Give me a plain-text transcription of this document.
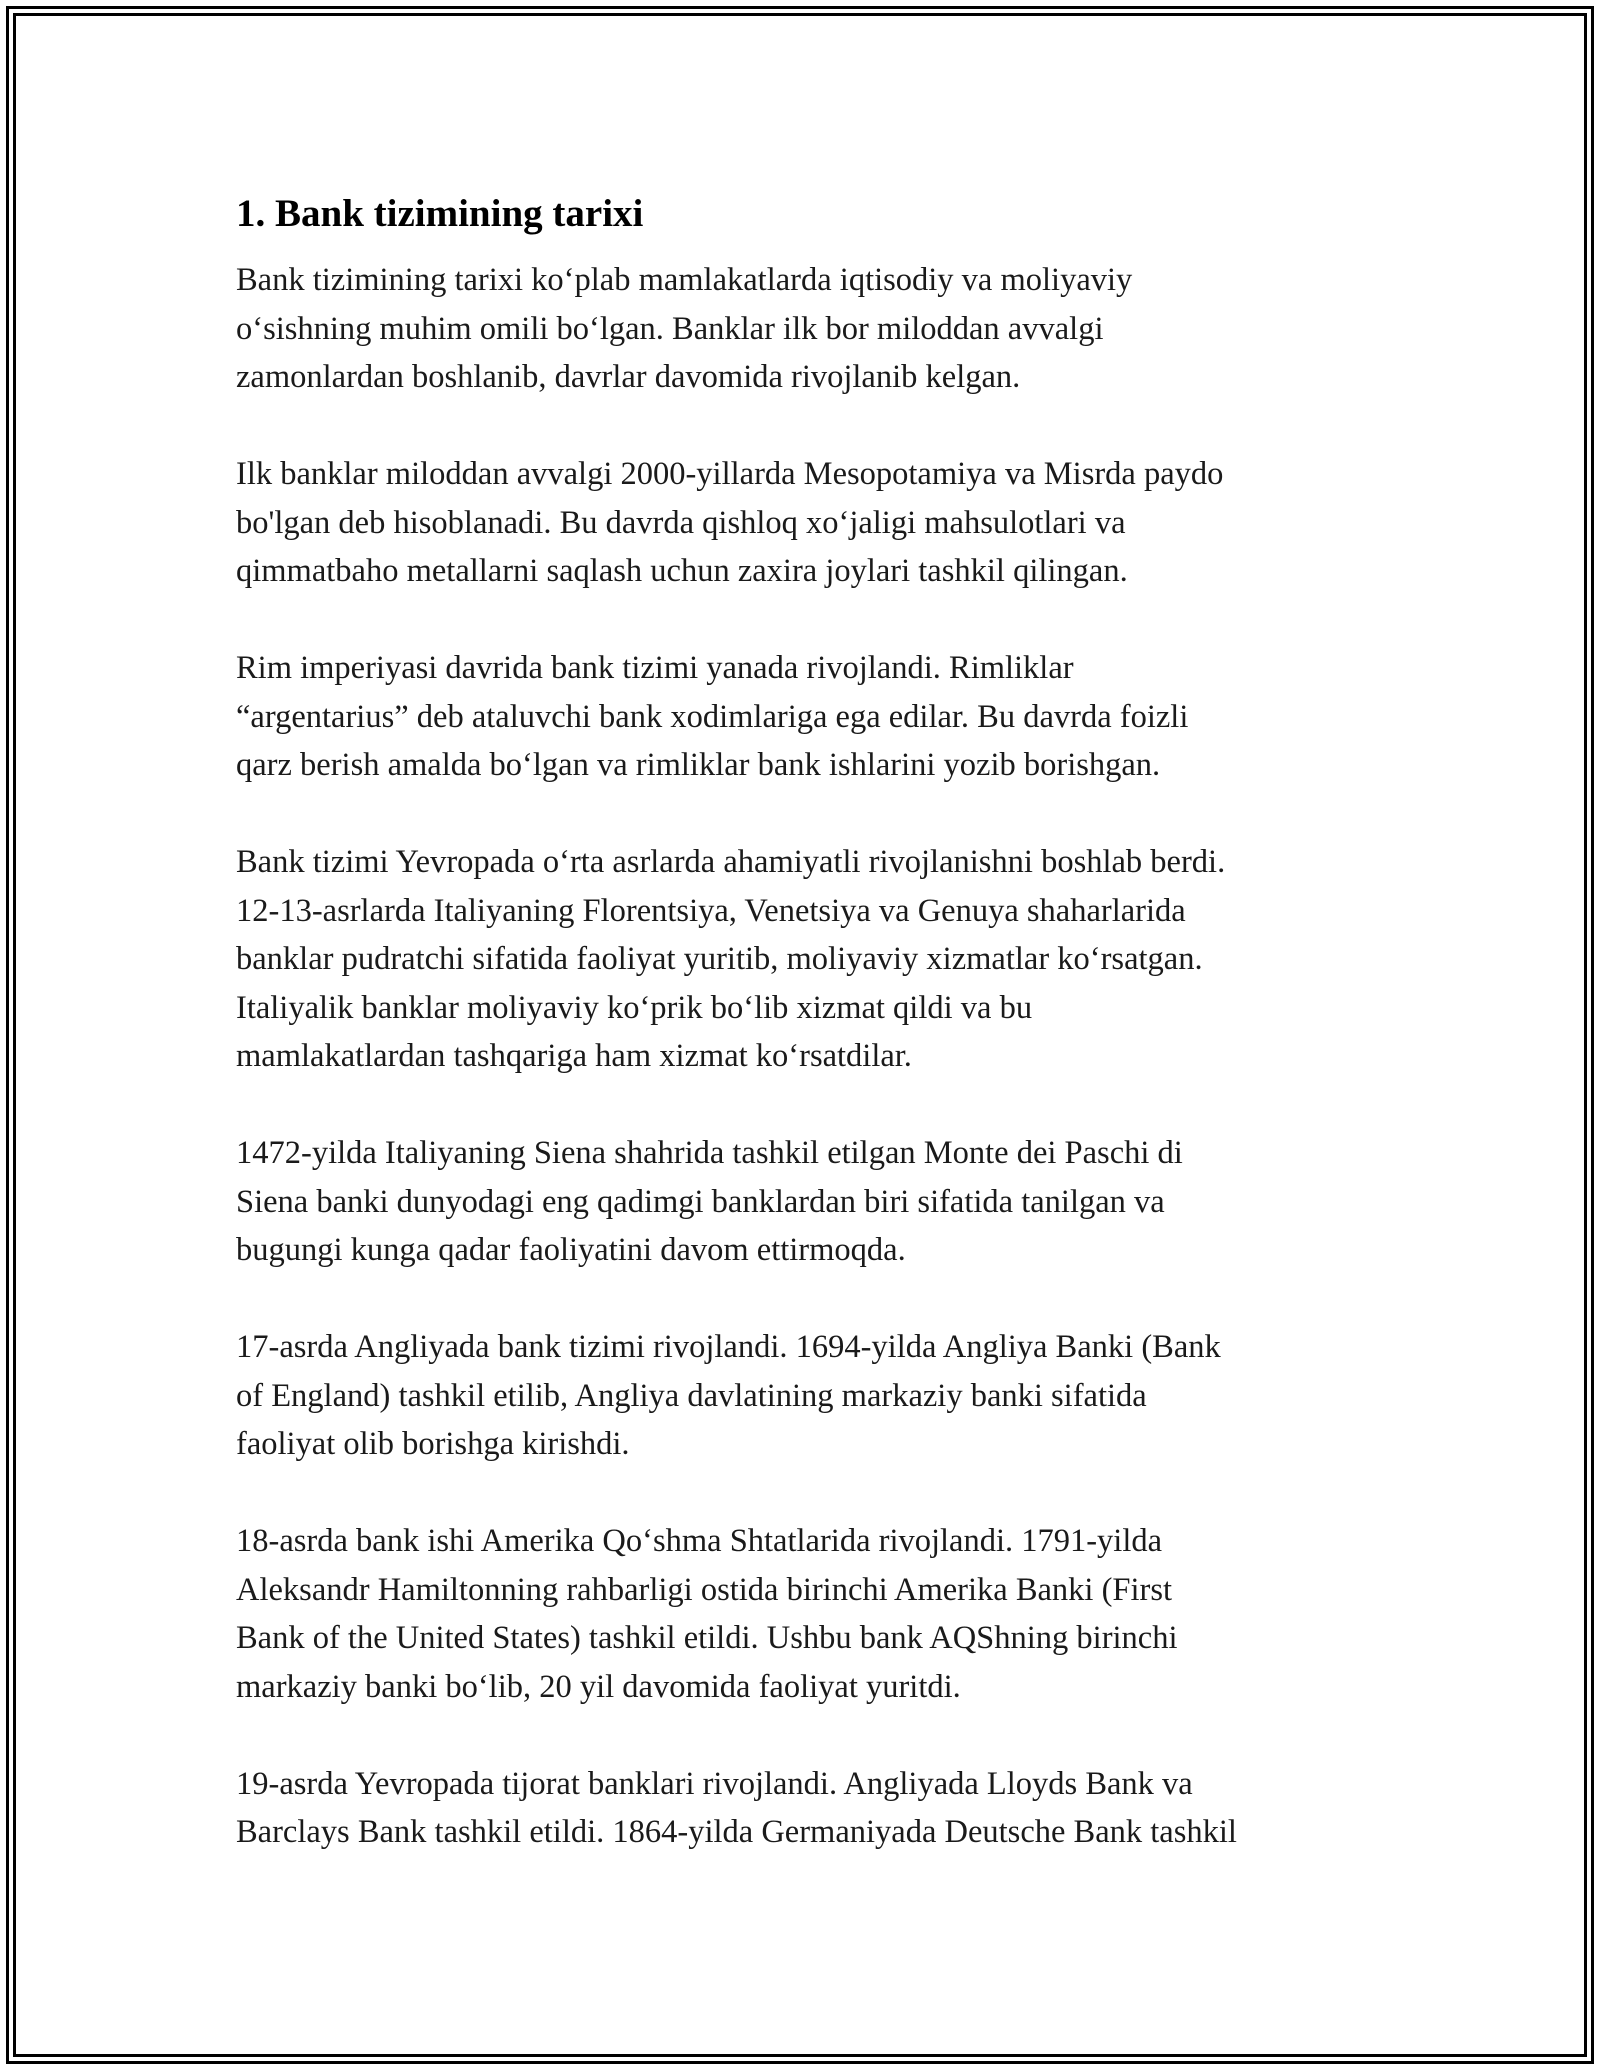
1. Bank tizimining tarixi
Bank tizimining tarixi ko‘plab mamlakatlarda iqtisodiy va moliyaviy
o‘sishning muhim omili bo‘lgan. Banklar ilk bor miloddan avvalgi
zamonlardan boshlanib, davrlar davomida rivojlanib kelgan.
Ilk banklar miloddan avvalgi 2000-yillarda Mesopotamiya va Misrda paydo
bo'lgan deb hisoblanadi. Bu davrda qishloq xo‘jaligi mahsulotlari va
qimmatbaho metallarni saqlash uchun zaxira joylari tashkil qilingan.
Rim imperiyasi davrida bank tizimi yanada rivojlandi. Rimliklar
“argentarius” deb ataluvchi bank xodimlariga ega edilar. Bu davrda foizli
qarz berish amalda bo‘lgan va rimliklar bank ishlarini yozib borishgan.
Bank tizimi Yevropada o‘rta asrlarda ahamiyatli rivojlanishni boshlab berdi.
12-13-asrlarda Italiyaning Florentsiya, Venetsiya va Genuya shaharlarida
banklar pudratchi sifatida faoliyat yuritib, moliyaviy xizmatlar ko‘rsatgan.
Italiyalik banklar moliyaviy ko‘prik bo‘lib xizmat qildi va bu
mamlakatlardan tashqariga ham xizmat ko‘rsatdilar.
1472-yilda Italiyaning Siena shahrida tashkil etilgan Monte dei Paschi di
Siena banki dunyodagi eng qadimgi banklardan biri sifatida tanilgan va
bugungi kunga qadar faoliyatini davom ettirmoqda.
17-asrda Angliyada bank tizimi rivojlandi. 1694-yilda Angliya Banki (Bank
of England) tashkil etilib, Angliya davlatining markaziy banki sifatida
faoliyat olib borishga kirishdi.
18-asrda bank ishi Amerika Qo‘shma Shtatlarida rivojlandi. 1791-yilda
Aleksandr Hamiltonning rahbarligi ostida birinchi Amerika Banki (First
Bank of the United States) tashkil etildi. Ushbu bank AQShning birinchi
markaziy banki bo‘lib, 20 yil davomida faoliyat yuritdi.
19-asrda Yevropada tijorat banklari rivojlandi. Angliyada Lloyds Bank va
Barclays Bank tashkil etildi. 1864-yilda Germaniyada Deutsche Bank tashkil
